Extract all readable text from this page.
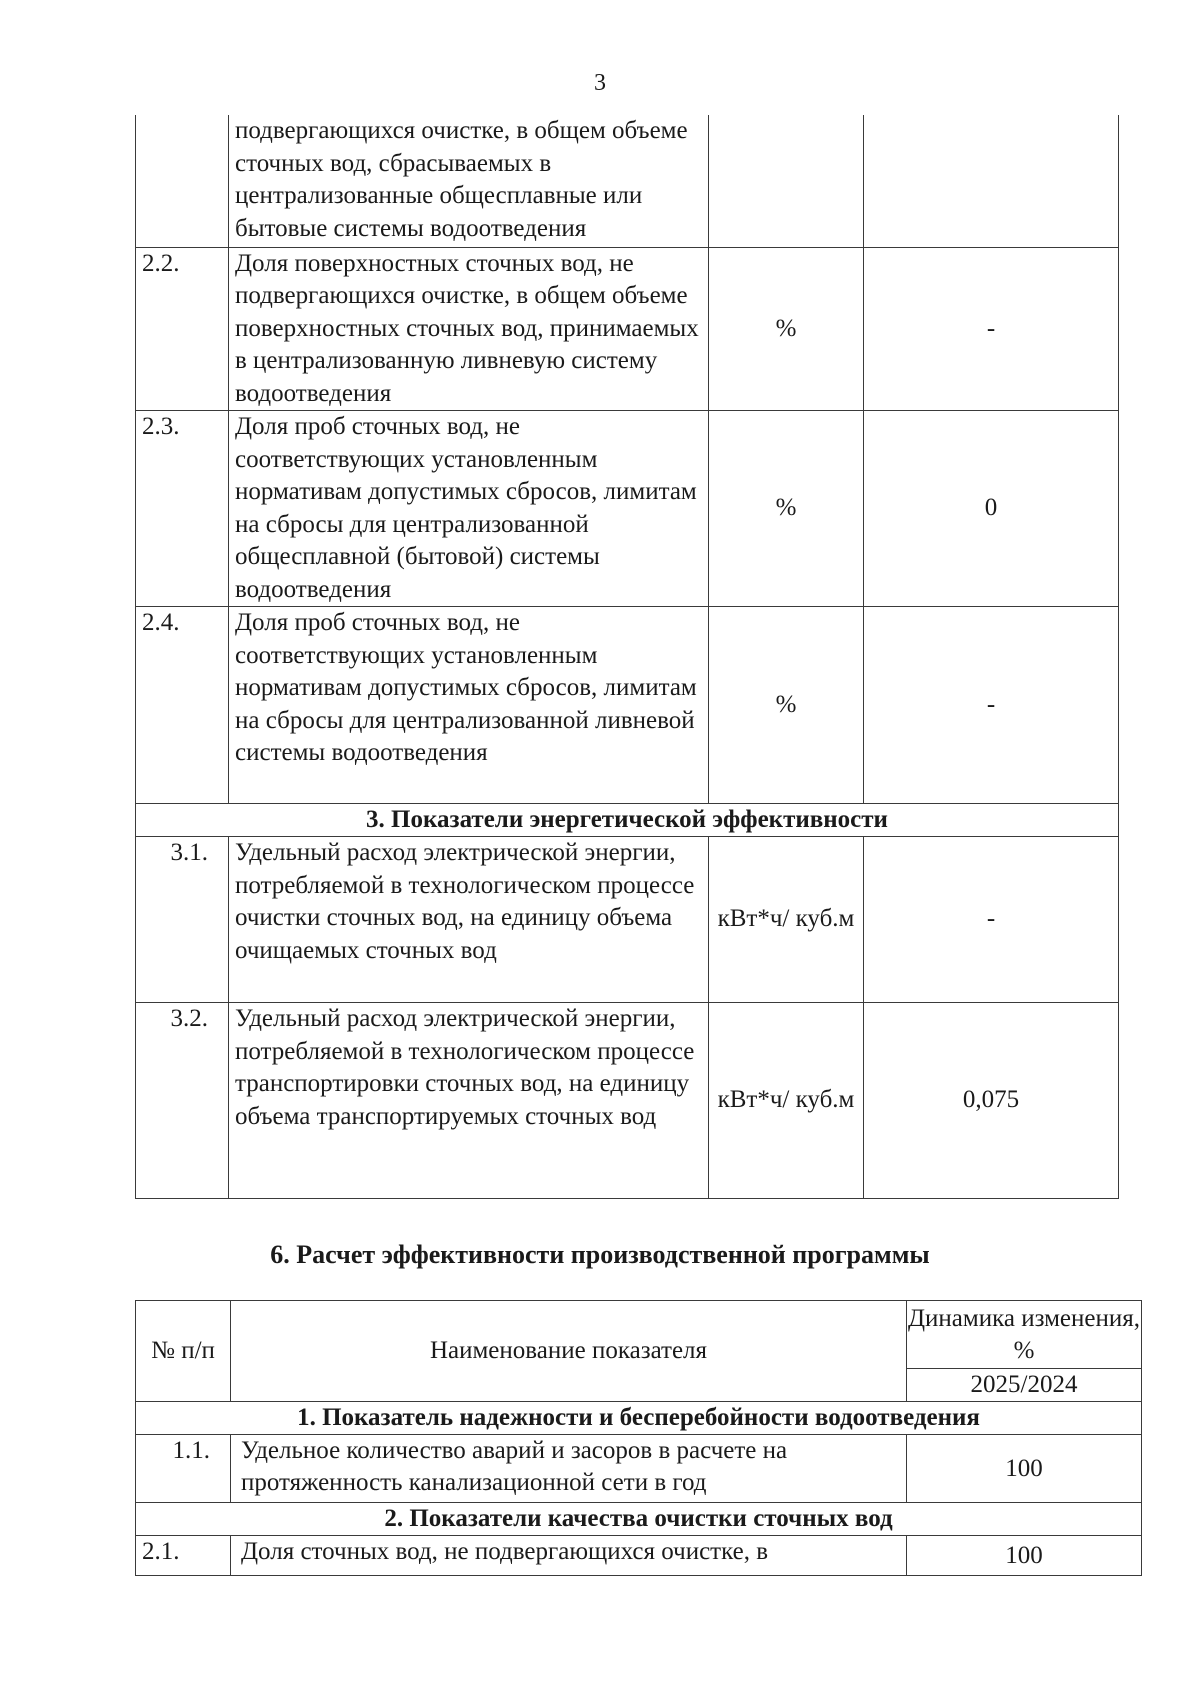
3
	подвергающихся очистке, в общем объеме сточных вод, сбрасываемых в централизованные общесплавные или бытовые системы водоотведения		
2.2.	Доля поверхностных сточных вод, не подвергающихся очистке, в общем объеме поверхностных сточных вод, принимаемых в централизованную ливневую систему водоотведения	%	-
2.3.	Доля проб сточных вод, не соответствующих установленным нормативам допустимых сбросов, лимитам на сбросы для централизованной общесплавной (бытовой) системы водоотведения	%	0
2.4.	Доля проб сточных вод, не соответствующих установленным нормативам допустимых сбросов, лимитам на сбросы для централизованной ливневой системы водоотведения	%	-
3. Показатели энергетической эффективности			
3.1.	Удельный расход электрической энергии, потребляемой в технологическом процессе очистки сточных вод, на единицу объема очищаемых сточных вод	кВт*ч/ куб.м	-
3.2.	Удельный расход электрической энергии, потребляемой в технологическом процессе транспортировки сточных вод, на единицу объема транспортируемых сточных вод	кВт*ч/ куб.м	0,075
6. Расчет эффективности производственной программы
№ п/п	Наименование показателя	Динамика изменения, %
		2025/2024
1. Показатель надежности и бесперебойности водоотведения		
1.1.	Удельное количество аварий и засоров в расчете на протяженность канализационной сети в год	100
2. Показатели качества очистки сточных вод		
2.1.	Доля сточных вод, не подвергающихся очистке, в	100
